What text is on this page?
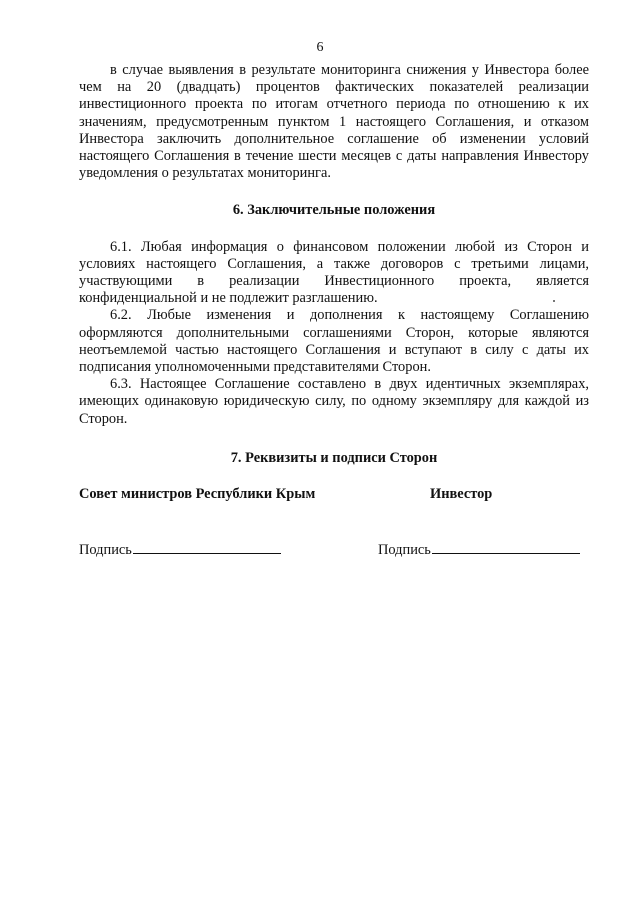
6

в случае выявления в результате мониторинга снижения у Инвестора более чем на 20 (двадцать) процентов фактических показателей реализации инвестиционного проекта по итогам отчетного периода по отношению к их значениям, предусмотренным пунктом 1 настоящего Соглашения, и отказом Инвестора заключить дополнительное соглашение об изменении условий настоящего Соглашения в течение шести месяцев с даты направления Инвестору уведомления о результатах мониторинга.

6. Заключительные положения

6.1. Любая информация о финансовом положении любой из Сторон и условиях настоящего Соглашения, а также договоров с третьими лицами, участвующими в реализации Инвестиционного проекта, является конфиденциальной и не подлежит разглашению.

6.2. Любые изменения и дополнения к настоящему Соглашению оформляются дополнительными соглашениями Сторон, которые являются неотъемлемой частью настоящего Соглашения и вступают в силу с даты их подписания уполномоченными представителями Сторон.

6.3. Настоящее Соглашение составлено в двух идентичных экземплярах, имеющих одинаковую юридическую силу, по одному экземпляру для каждой из Сторон.

7. Реквизиты и подписи Сторон

Совет министров Республики Крым	Инвестор
Подпись	Подпись
